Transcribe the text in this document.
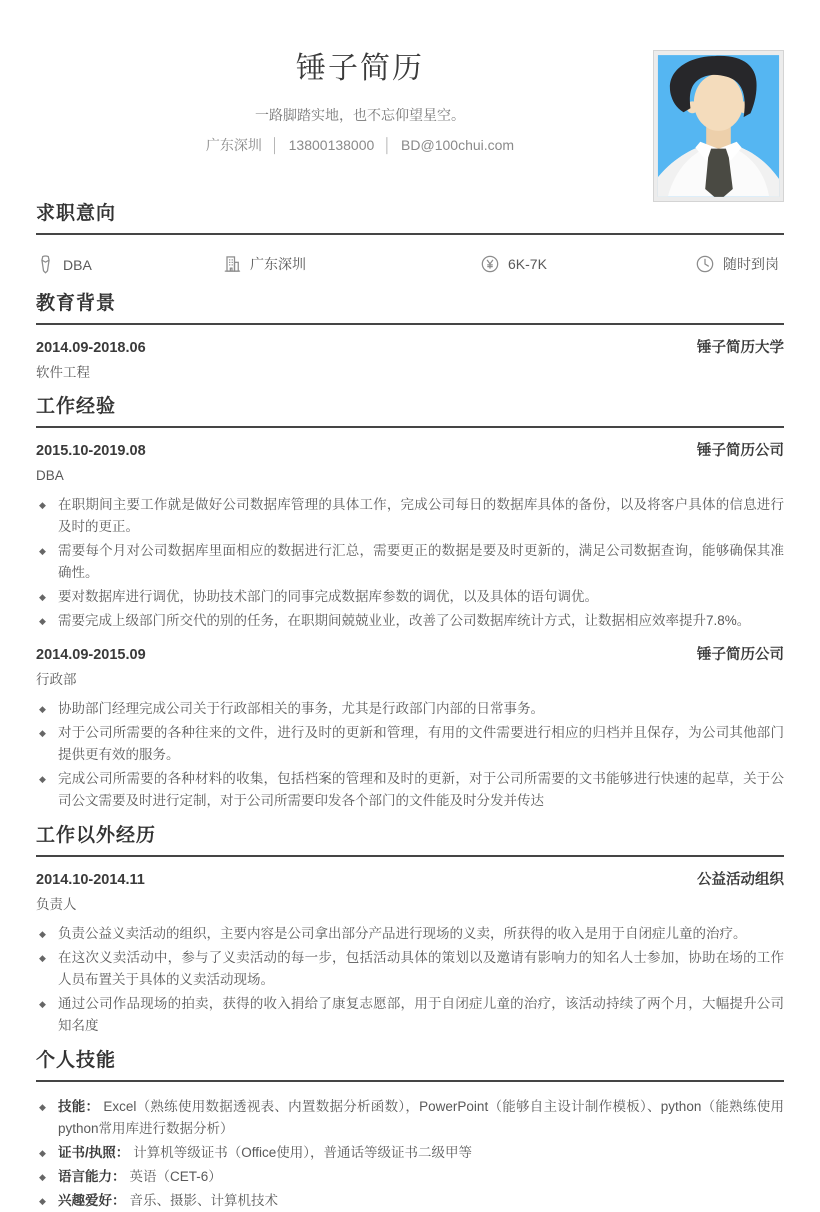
锤子简历
一路脚踏实地，也不忘仰望星空。
广东深圳 │ 13800138000 │ BD@100chui.com
求职意向
DBA	广东深圳	6K-7K	随时到岗
教育背景
2014.09-2018.06	锤子简历大学
软件工程
工作经验
2015.10-2019.08	锤子简历公司
DBA
◆ 在职期间主要工作就是做好公司数据库管理的具体工作，完成公司每日的数据库具体的备份，以及将客户具体的信息进行及时的更正。
◆ 需要每个月对公司数据库里面相应的数据进行汇总，需要更正的数据是要及时更新的，满足公司数据查询，能够确保其准确性。
◆ 要对数据库进行调优，协助技术部门的同事完成数据库参数的调优，以及具体的语句调优。
◆ 需要完成上级部门所交代的别的任务，在职期间兢兢业业，改善了公司数据库统计方式，让数据相应效率提升7.8%。
2014.09-2015.09	锤子简历公司
行政部
◆ 协助部门经理完成公司关于行政部相关的事务，尤其是行政部门内部的日常事务。
◆ 对于公司所需要的各种往来的文件，进行及时的更新和管理，有用的文件需要进行相应的归档并且保存，为公司其他部门提供更有效的服务。
◆ 完成公司所需要的各种材料的收集，包括档案的管理和及时的更新，对于公司所需要的文书能够进行快速的起草，关于公司公文需要及时进行定制，对于公司所需要印发各个部门的文件能及时分发并传达
工作以外经历
2014.10-2014.11	公益活动组织
负责人
◆ 负责公益义卖活动的组织，主要内容是公司拿出部分产品进行现场的义卖，所获得的收入是用于自闭症儿童的治疗。
◆ 在这次义卖活动中，参与了义卖活动的每一步，包括活动具体的策划以及邀请有影响力的知名人士参加，协助在场的工作人员布置关于具体的义卖活动现场。
◆ 通过公司作品现场的拍卖，获得的收入捐给了康复志愿部，用于自闭症儿童的治疗，该活动持续了两个月，大幅提升公司知名度
个人技能
◆ 技能： Excel（熟练使用数据透视表、内置数据分析函数），PowerPoint（能够自主设计制作模板）、python（能熟练使用python常用库进行数据分析）
◆ 证书/执照： 计算机等级证书（Office使用），普通话等级证书二级甲等
◆ 语言能力： 英语（CET-6）
◆ 兴趣爱好： 音乐、摄影、计算机技术
